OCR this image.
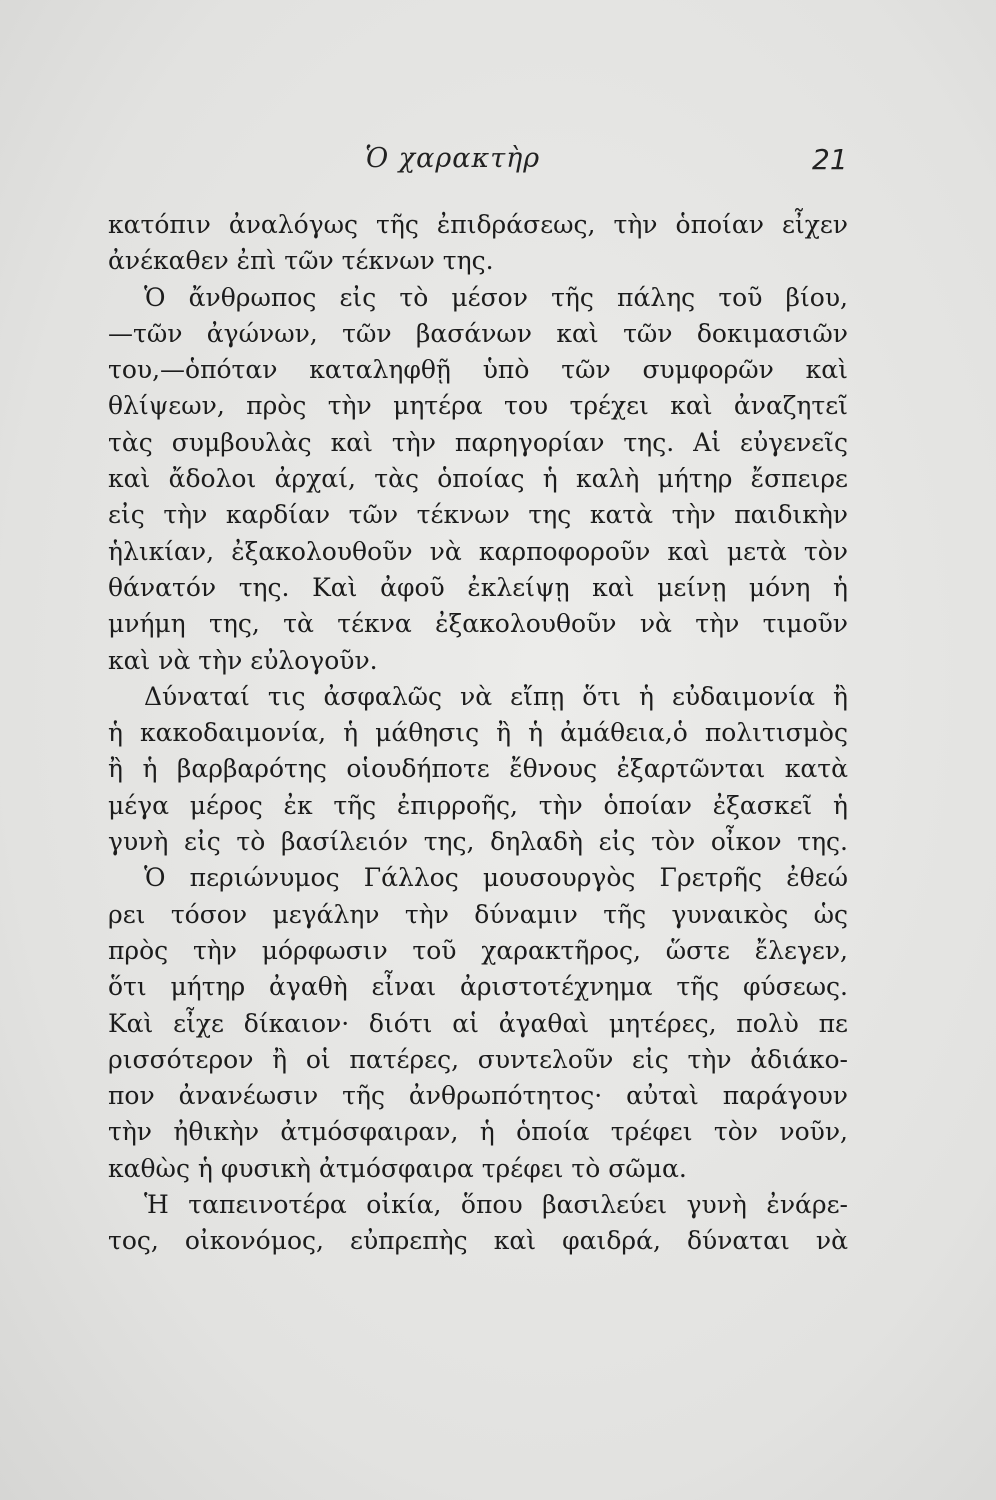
Ὁ χαρακτὴρ	21
κατόπιν ἀναλόγως τῆς ἐπιδράσεως, τὴν ὁποίαν εἶχεν
ἀνέκαθεν ἐπὶ τῶν τέκνων της.
Ὁ ἄνθρωπος εἰς τὸ μέσον τῆς πάλης τοῦ βίου,
—τῶν ἀγώνων, τῶν βασάνων καὶ τῶν δοκιμασιῶν
του,—ὁπόταν καταληφθῇ ὑπὸ τῶν συμφορῶν καὶ
θλίψεων, πρὸς τὴν μητέρα του τρέχει καὶ ἀναζητεῖ
τὰς συμβουλὰς καὶ τὴν παρηγορίαν της. Αἱ εὐγενεῖς
καὶ ἄδολοι ἀρχαί, τὰς ὁποίας ἡ καλὴ μήτηρ ἔσπειρε
εἰς τὴν καρδίαν τῶν τέκνων της κατὰ τὴν παιδικὴν
ἡλικίαν, ἐξακολουθοῦν νὰ καρποφοροῦν καὶ μετὰ τὸν
θάνατόν της. Καὶ ἀφοῦ ἐκλείψῃ καὶ μείνῃ μόνη ἡ
μνήμη της, τὰ τέκνα ἐξακολουθοῦν νὰ τὴν τιμοῦν
καὶ νὰ τὴν εὐλογοῦν.
Δύναταί τις ἀσφαλῶς νὰ εἴπῃ ὅτι ἡ εὐδαιμονία ἢ
ἡ κακοδαιμονία, ἡ μάθησις ἢ ἡ ἀμάθεια,ὁ πολιτισμὸς
ἢ ἡ βαρβαρότης οἱουδήποτε ἔθνους ἐξαρτῶνται κατὰ
μέγα μέρος ἐκ τῆς ἐπιρροῆς, τὴν ὁποίαν ἐξασκεῖ ἡ
γυνὴ εἰς τὸ βασίλειόν της, δηλαδὴ εἰς τὸν οἶκον της.
Ὁ περιώνυμος Γάλλος μουσουργὸς Γρετρῆς ἐθεώ
ρει τόσον μεγάλην τὴν δύναμιν τῆς γυναικὸς ὡς
πρὸς τὴν μόρφωσιν τοῦ χαρακτῆρος, ὥστε ἔλεγεν,
ὅτι μήτηρ ἀγαθὴ εἶναι ἀριστοτέχνημα τῆς φύσεως.
Καὶ εἶχε δίκαιον· διότι αἱ ἀγαθαὶ μητέρες, πολὺ πε
ρισσότερον ἢ οἱ πατέρες, συντελοῦν εἰς τὴν ἀδιάκο-
πον ἀνανέωσιν τῆς ἀνθρωπότητος· αὐταὶ παράγουν
τὴν ἠθικὴν ἀτμόσφαιραν, ἡ ὁποία τρέφει τὸν νοῦν,
καθὼς ἡ φυσικὴ ἀτμόσφαιρα τρέφει τὸ σῶμα.
Ἡ ταπεινοτέρα οἰκία, ὅπου βασιλεύει γυνὴ ἐνάρε-
τος, οἰκονόμος, εὐπρεπὴς καὶ φαιδρά, δύναται νὰ
